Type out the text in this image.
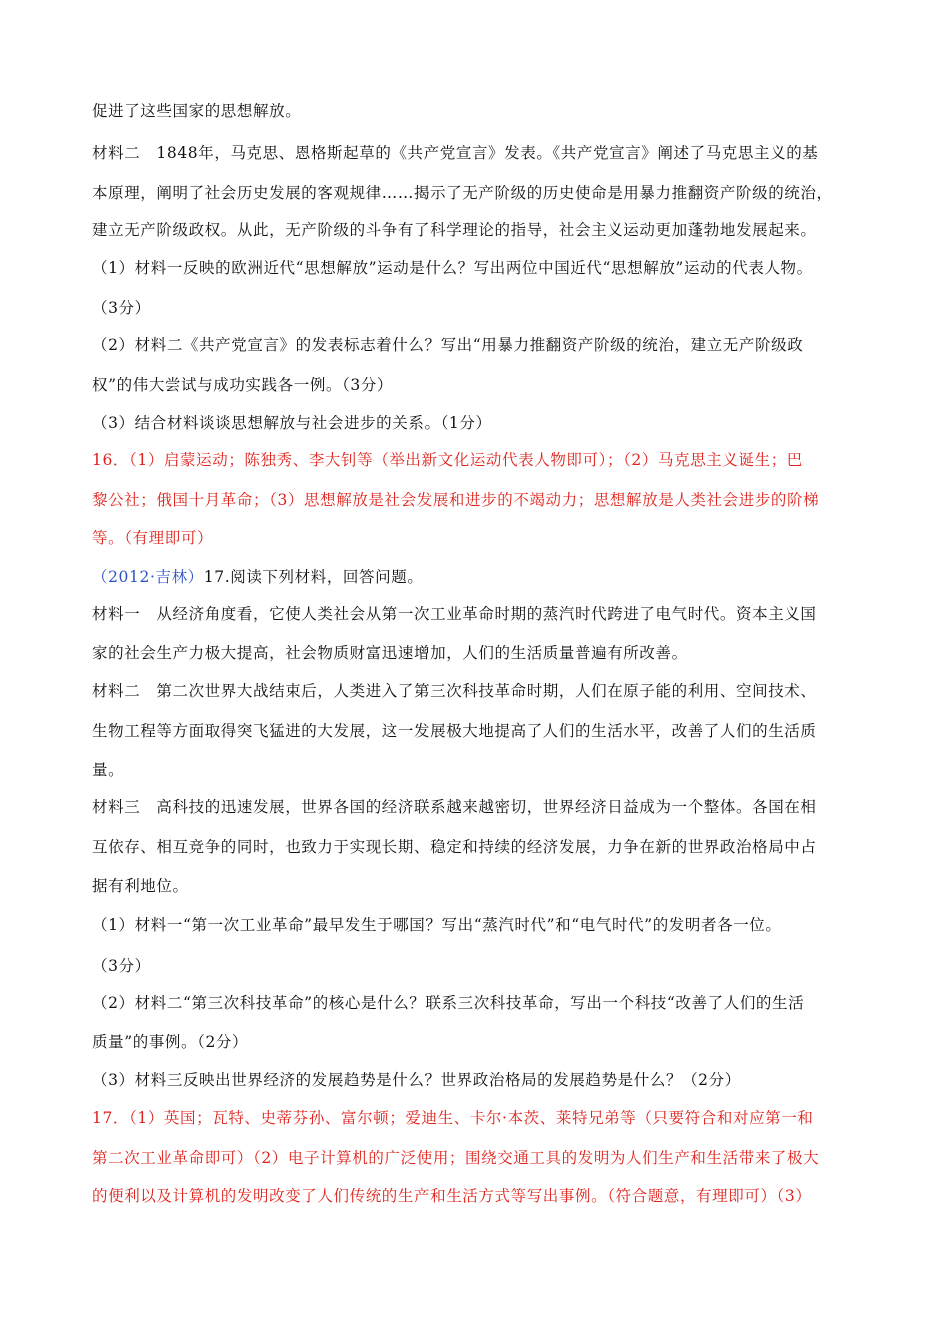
促进了这些国家的思想解放。
材料二　1848年，马克思、恩格斯起草的《共产党宣言》发表。《共产党宣言》阐述了马克思主义的基
本原理，阐明了社会历史发展的客观规律……揭示了无产阶级的历史使命是用暴力推翻资产阶级的统治，
建立无产阶级政权。从此，无产阶级的斗争有了科学理论的指导，社会主义运动更加蓬勃地发展起来。
（1）材料一反映的欧洲近代“思想解放”运动是什么？写出两位中国近代“思想解放”运动的代表人物。
（3分）
（2）材料二《共产党宣言》的发表标志着什么？写出“用暴力推翻资产阶级的统治，建立无产阶级政
权”的伟大尝试与成功实践各一例。（3分）
（3）结合材料谈谈思想解放与社会进步的关系。（1分）
16．（1）启蒙运动；陈独秀、李大钊等（举出新文化运动代表人物即可）；（2）马克思主义诞生；巴
黎公社；俄国十月革命；（3）思想解放是社会发展和进步的不竭动力；思想解放是人类社会进步的阶梯
等。（有理即可）
（2012·吉林）17.阅读下列材料，回答问题。
材料一　从经济角度看，它使人类社会从第一次工业革命时期的蒸汽时代跨进了电气时代。资本主义国
家的社会生产力极大提高，社会物质财富迅速增加，人们的生活质量普遍有所改善。
材料二　第二次世界大战结束后，人类进入了第三次科技革命时期，人们在原子能的利用、空间技术、
生物工程等方面取得突飞猛进的大发展，这一发展极大地提高了人们的生活水平，改善了人们的生活质
量。
材料三　高科技的迅速发展，世界各国的经济联系越来越密切，世界经济日益成为一个整体。各国在相
互依存、相互竞争的同时，也致力于实现长期、稳定和持续的经济发展，力争在新的世界政治格局中占
据有利地位。
（1）材料一“第一次工业革命”最早发生于哪国？写出“蒸汽时代”和“电气时代”的发明者各一位。
（3分）
（2）材料二“第三次科技革命”的核心是什么？联系三次科技革命，写出一个科技“改善了人们的生活
质量”的事例。（2分）
（3）材料三反映出世界经济的发展趋势是什么？世界政治格局的发展趋势是什么？（2分）
17．（1）英国；瓦特、史蒂芬孙、富尔顿；爱迪生、卡尔·本茨、莱特兄弟等（只要符合和对应第一和
第二次工业革命即可）（2）电子计算机的广泛使用；围绕交通工具的发明为人们生产和生活带来了极大
的便利以及计算机的发明改变了人们传统的生产和生活方式等写出事例。（符合题意，有理即可）（3）
